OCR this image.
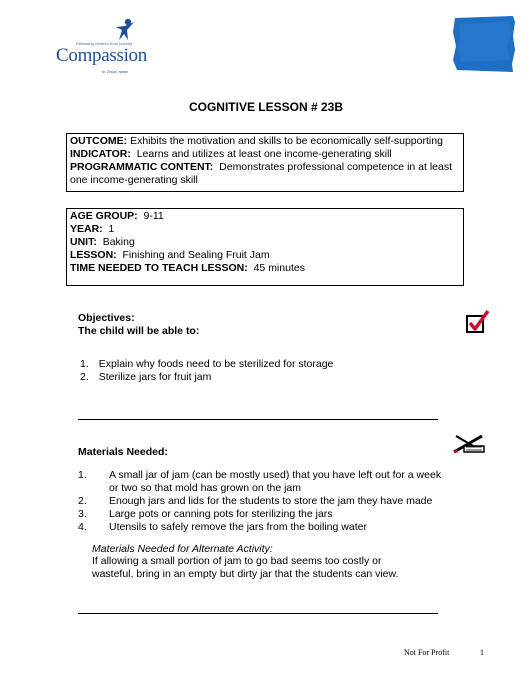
Releasing children from poverty
Compassion
in Jesus' name
COGNITIVE LESSON # 23B
OUTCOME: Exhibits the motivation and skills to be economically self-supporting
INDICATOR: Learns and utilizes at least one income-generating skill
PROGRAMMATIC CONTENT: Demonstrates professional competence in at least one income-generating skill
AGE GROUP: 9-11
YEAR: 1
UNIT: Baking
LESSON: Finishing and Sealing Fruit Jam
TIME NEEDED TO TEACH LESSON: 45 minutes
Objectives:
The child will be able to:
1. Explain why foods need to be sterilized for storage
2. Sterilize jars for fruit jam
Materials Needed:
1.	A small jar of jam (can be mostly used) that you have left out for a week or two so that mold has grown on the jam
2.	Enough jars and lids for the students to store the jam they have made
3.	Large pots or canning pots for sterilizing the jars
4.	Utensils to safely remove the jars from the boiling water
Materials Needed for Alternate Activity:
If allowing a small portion of jam to go bad seems too costly or wasteful, bring in an empty but dirty jar that the students can view.
Not For Profit	1
